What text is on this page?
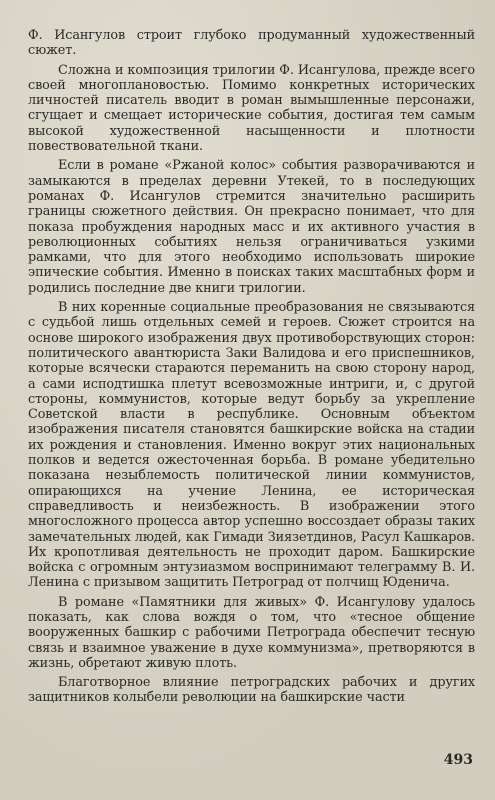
Ф. Исангулов строит глубоко продуманный художественный сюжет.

Сложна и композиция трилогии Ф. Исангулова, прежде всего своей многоплановостью. Помимо конкретных исторических личностей писатель вводит в роман вымышленные персонажи, сгущает и смещает исторические события, достигая тем самым высокой художественной насыщенности и плотности повествовательной ткани.

Если в романе «Ржаной колос» события разворачиваются и замыкаются в пределах деревни Утекей, то в последующих романах Ф. Исангулов стремится значительно расширить границы сюжетного действия. Он прекрасно понимает, что для показа пробуждения народных масс и их активного участия в революционных событиях нельзя ограничиваться узкими рамками, что для этого необходимо использовать широкие эпические события. Именно в поисках таких масштабных форм и родились последние две книги трилогии.

В них коренные социальные преобразования не связываются с судьбой лишь отдельных семей и героев. Сюжет строится на основе широкого изображения двух противоборствующих сторон: политического авантюриста Заки Валидова и его приспешников, которые всячески стараются переманить на свою сторону народ, а сами исподтишка плетут всевозможные интриги, и, с другой стороны, коммунистов, которые ведут борьбу за укрепление Советской власти в республике. Основным объектом изображения писателя становятся башкирские войска на стадии их рождения и становления. Именно вокруг этих национальных полков и ведется ожесточенная борьба. В романе убедительно показана незыблемость политической линии коммунистов, опирающихся на учение Ленина, ее историческая справедливость и неизбежность. В изображении этого многосложного процесса автор успешно воссоздает образы таких замечательных людей, как Гимади Зиязетдинов, Расул Кашкаров. Их кропотливая деятельность не проходит даром. Башкирские войска с огромным энтузиазмом воспринимают телеграмму В. И. Ленина с призывом защитить Петроград от полчищ Юденича.

В романе «Памятники для живых» Ф. Исангулову удалось показать, как слова вождя о том, что «тесное общение вооруженных башкир с рабочими Петрограда обеспечит тесную связь и взаимное уважение в духе коммунизма», претворяются в жизнь, обретают живую плоть.

Благотворное влияние петроградских рабочих и других защитников колыбели революции на башкирские части

493
